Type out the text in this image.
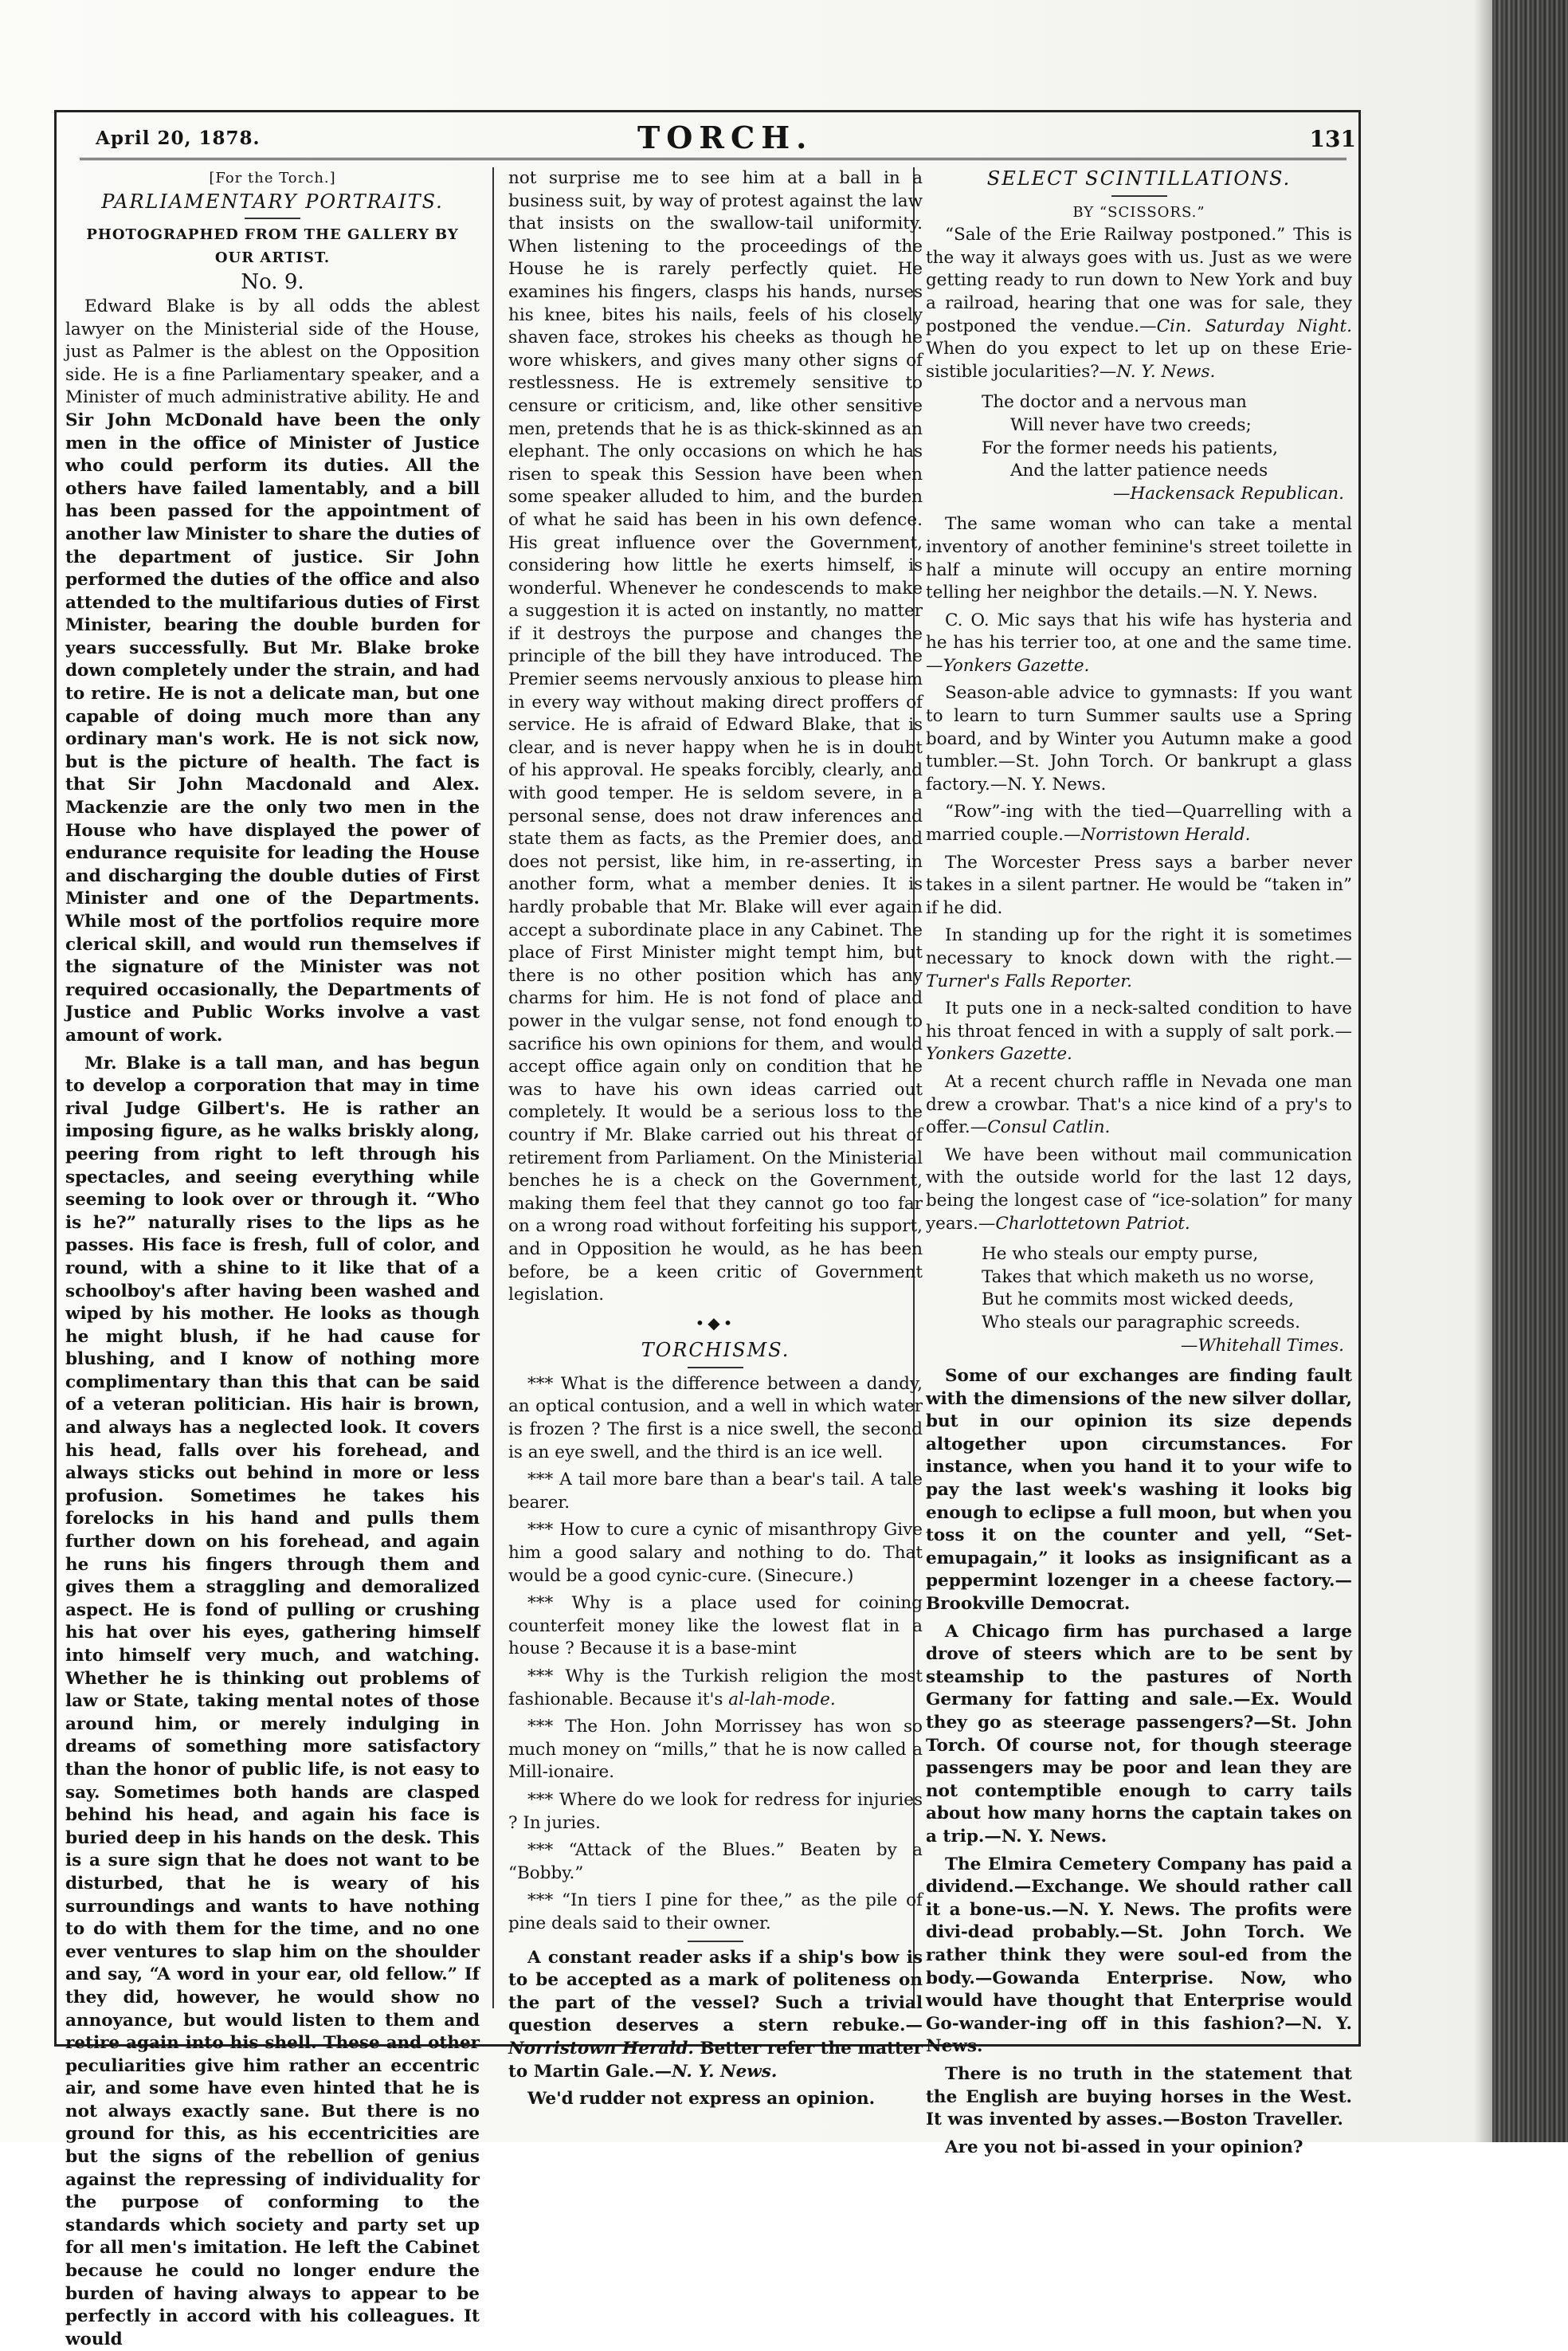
April 20, 1878.	TORCH.	131
[For the Torch.]
PARLIAMENTARY PORTRAITS.
PHOTOGRAPHED FROM THE GALLERY BY OUR ARTIST.
No. 9.

Edward Blake is by all odds the ablest lawyer on the Ministerial side of the House, just as Palmer is the ablest on the Opposition side. He is a fine Parliamentary speaker, and a Minister of much administrative ability. He and Sir John McDonald have been the only men in the office of Minister of Justice who could perform its duties. All the others have failed lamentably, and a bill has been passed for the appointment of another law Minister to share the duties of the department of justice. Sir John performed the duties of the office and also attended to the multifarious duties of First Minister, bearing the double burden for years successfully. But Mr. Blake broke down completely under the strain, and had to retire. He is not a delicate man, but one capable of doing much more than any ordinary man's work. He is not sick now, but is the picture of health. The fact is that Sir John Macdonald and Alex. Mackenzie are the only two men in the House who have displayed the power of endurance requisite for leading the House and discharging the double duties of First Minister and one of the Departments. While most of the portfolios require more clerical skill, and would run themselves if the signature of the Minister was not required occasionally, the Departments of Justice and Public Works involve a vast amount of work.

Mr. Blake is a tall man, and has begun to develop a corporation that may in time rival Judge Gilbert's. He is rather an imposing figure, as he walks briskly along, peering from right to left through his spectacles, and seeing everything while seeming to look over or through it. “Who is he?” naturally rises to the lips as he passes. His face is fresh, full of color, and round, with a shine to it like that of a schoolboy's after having been washed and wiped by his mother. He looks as though he might blush, if he had cause for blushing, and I know of nothing more complimentary than this that can be said of a veteran politician. His hair is brown, and always has a neglected look. It covers his head, falls over his forehead, and always sticks out behind in more or less profusion. Sometimes he takes his forelocks in his hand and pulls them further down on his forehead, and again he runs his fingers through them and gives them a straggling and demoralized aspect. He is fond of pulling or crushing his hat over his eyes, gathering himself into himself very much, and watching. Whether he is thinking out problems of law or State, taking mental notes of those around him, or merely indulging in dreams of something more satisfactory than the honor of public life, is not easy to say. Sometimes both hands are clasped behind his head, and again his face is buried deep in his hands on the desk. This is a sure sign that he does not want to be disturbed, that he is weary of his surroundings and wants to have nothing to do with them for the time, and no one ever ventures to slap him on the shoulder and say, “A word in your ear, old fellow.” If they did, however, he would show no annoyance, but would listen to them and retire again into his shell. These and other peculiarities give him rather an eccentric air, and some have even hinted that he is not always exactly sane. But there is no ground for this, as his eccentricities are but the signs of the rebellion of genius against the repressing of individuality for the purpose of conforming to the standards which society and party set up for all men's imitation. He left the Cabinet because he could no longer endure the burden of having always to appear to be perfectly in accord with his colleagues. It would

not surprise me to see him at a ball in a business suit, by way of protest against the law that insists on the swallow-tail uniformity. When listening to the proceedings of the House he is rarely perfectly quiet. He examines his fingers, clasps his hands, nurses his knee, bites his nails, feels of his closely shaven face, strokes his cheeks as though he wore whiskers, and gives many other signs of restlessness. He is extremely sensitive to censure or criticism, and, like other sensitive men, pretends that he is as thick-skinned as an elephant. The only occasions on which he has risen to speak this Session have been when some speaker alluded to him, and the burden of what he said has been in his own defence. His great influence over the Government, considering how little he exerts himself, is wonderful. Whenever he condescends to make a suggestion it is acted on instantly, no matter if it destroys the purpose and changes the principle of the bill they have introduced. The Premier seems nervously anxious to please him in every way without making direct proffers of service. He is afraid of Edward Blake, that is clear, and is never happy when he is in doubt of his approval. He speaks forcibly, clearly, and with good temper. He is seldom severe, in a personal sense, does not draw inferences and state them as facts, as the Premier does, and does not persist, like him, in re-asserting, in another form, what a member denies. It is hardly probable that Mr. Blake will ever again accept a subordinate place in any Cabinet. The place of First Minister might tempt him, but there is no other position which has any charms for him. He is not fond of place and power in the vulgar sense, not fond enough to sacrifice his own opinions for them, and would accept office again only on condition that he was to have his own ideas carried out completely. It would be a serious loss to the country if Mr. Blake carried out his threat of retirement from Parliament. On the Ministerial benches he is a check on the Government, making them feel that they cannot go too far on a wrong road without forfeiting his support, and in Opposition he would, as he has been before, be a keen critic of Government legislation.

•◆•
TORCHISMS.

*** What is the difference between a dandy, an optical contusion, and a well in which water is frozen ? The first is a nice swell, the second is an eye swell, and the third is an ice well.

*** A tail more bare than a bear's tail. A tale bearer.

*** How to cure a cynic of misanthropy Give him a good salary and nothing to do. That would be a good cynic-cure. (Sinecure.)

*** Why is a place used for coining counterfeit money like the lowest flat in a house ? Because it is a base-mint

*** Why is the Turkish religion the most fashionable. Because it's al-lah-mode.

*** The Hon. John Morrissey has won so much money on “mills,” that he is now called a Mill-ionaire.

*** Where do we look for redress for injuries ? In juries.

*** “Attack of the Blues.” Beaten by a “Bobby.”

*** “In tiers I pine for thee,” as the pile of pine deals said to their owner.

A constant reader asks if a ship's bow is to be accepted as a mark of politeness on the part of the vessel? Such a trivial question deserves a stern rebuke.—Norristown Herald. Better refer the matter to Martin Gale.—N. Y. News.

We'd rudder not express an opinion.

SELECT SCINTILLATIONS.
BY “SCISSORS.”

“Sale of the Erie Railway postponed.” This is the way it always goes with us. Just as we were getting ready to run down to New York and buy a railroad, hearing that one was for sale, they postponed the vendue.—Cin. Saturday Night. When do you expect to let up on these Erie-sistible jocularities?—N. Y. News.

The doctor and a nervous man
Will never have two creeds;
For the former needs his patients,
And the latter patience needs
—Hackensack Republican.

The same woman who can take a mental inventory of another feminine's street toilette in half a minute will occupy an entire morning telling her neighbor the details.—N. Y. News.

C. O. Mic says that his wife has hysteria and he has his terrier too, at one and the same time.—Yonkers Gazette.

Season-able advice to gymnasts: If you want to learn to turn Summer saults use a Spring board, and by Winter you Autumn make a good tumbler.—St. John Torch. Or bankrupt a glass factory.—N. Y. News.

“Row”-ing with the tied—Quarrelling with a married couple.—Norristown Herald.

The Worcester Press says a barber never takes in a silent partner. He would be “taken in” if he did.

In standing up for the right it is sometimes necessary to knock down with the right.—Turner's Falls Reporter.

It puts one in a neck-salted condition to have his throat fenced in with a supply of salt pork.—Yonkers Gazette.

At a recent church raffle in Nevada one man drew a crowbar. That's a nice kind of a pry's to offer.—Consul Catlin.

We have been without mail communication with the outside world for the last 12 days, being the longest case of “ice-solation” for many years.—Charlottetown Patriot.

He who steals our empty purse,
Takes that which maketh us no worse,
But he commits most wicked deeds,
Who steals our paragraphic screeds.
—Whitehall Times.

Some of our exchanges are finding fault with the dimensions of the new silver dollar, but in our opinion its size depends altogether upon circumstances. For instance, when you hand it to your wife to pay the last week's washing it looks big enough to eclipse a full moon, but when you toss it on the counter and yell, “Set-emupagain,” it looks as insignificant as a peppermint lozenger in a cheese factory.—Brookville Democrat.

A Chicago firm has purchased a large drove of steers which are to be sent by steamship to the pastures of North Germany for fatting and sale.—Ex. Would they go as steerage passengers?—St. John Torch. Of course not, for though steerage passengers may be poor and lean they are not contemptible enough to carry tails about how many horns the captain takes on a trip.—N. Y. News.

The Elmira Cemetery Company has paid a dividend.—Exchange. We should rather call it a bone-us.—N. Y. News. The profits were divi-dead probably.—St. John Torch. We rather think they were soul-ed from the body.—Gowanda Enterprise. Now, who would have thought that Enterprise would Go-wander-ing off in this fashion?—N. Y. News.

There is no truth in the statement that the English are buying horses in the West. It was invented by asses.—Boston Traveller.

Are you not bi-assed in your opinion?
